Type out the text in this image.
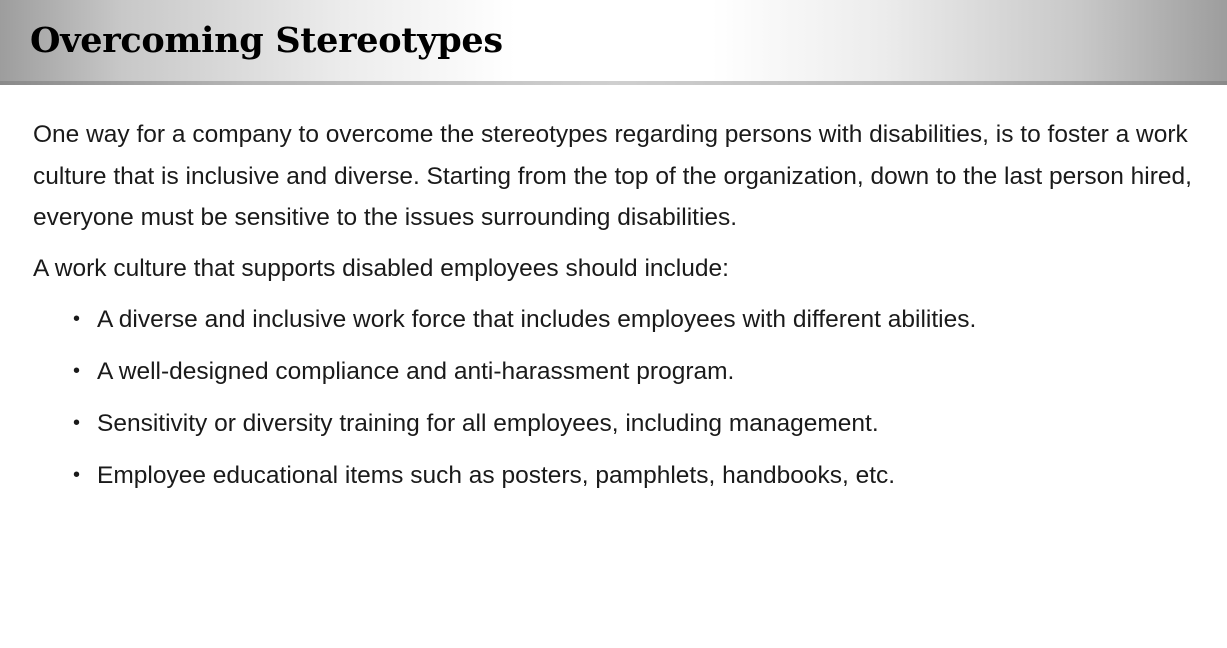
Overcoming Stereotypes

One way for a company to overcome the stereotypes regarding persons with disabilities, is to foster a work culture that is inclusive and diverse. Starting from the top of the organization, down to the last person hired, everyone must be sensitive to the issues surrounding disabilities.

A work culture that supports disabled employees should include:

• A diverse and inclusive work force that includes employees with different abilities.
• A well-designed compliance and anti-harassment program.
• Sensitivity or diversity training for all employees, including management.
• Employee educational items such as posters, pamphlets, handbooks, etc.
